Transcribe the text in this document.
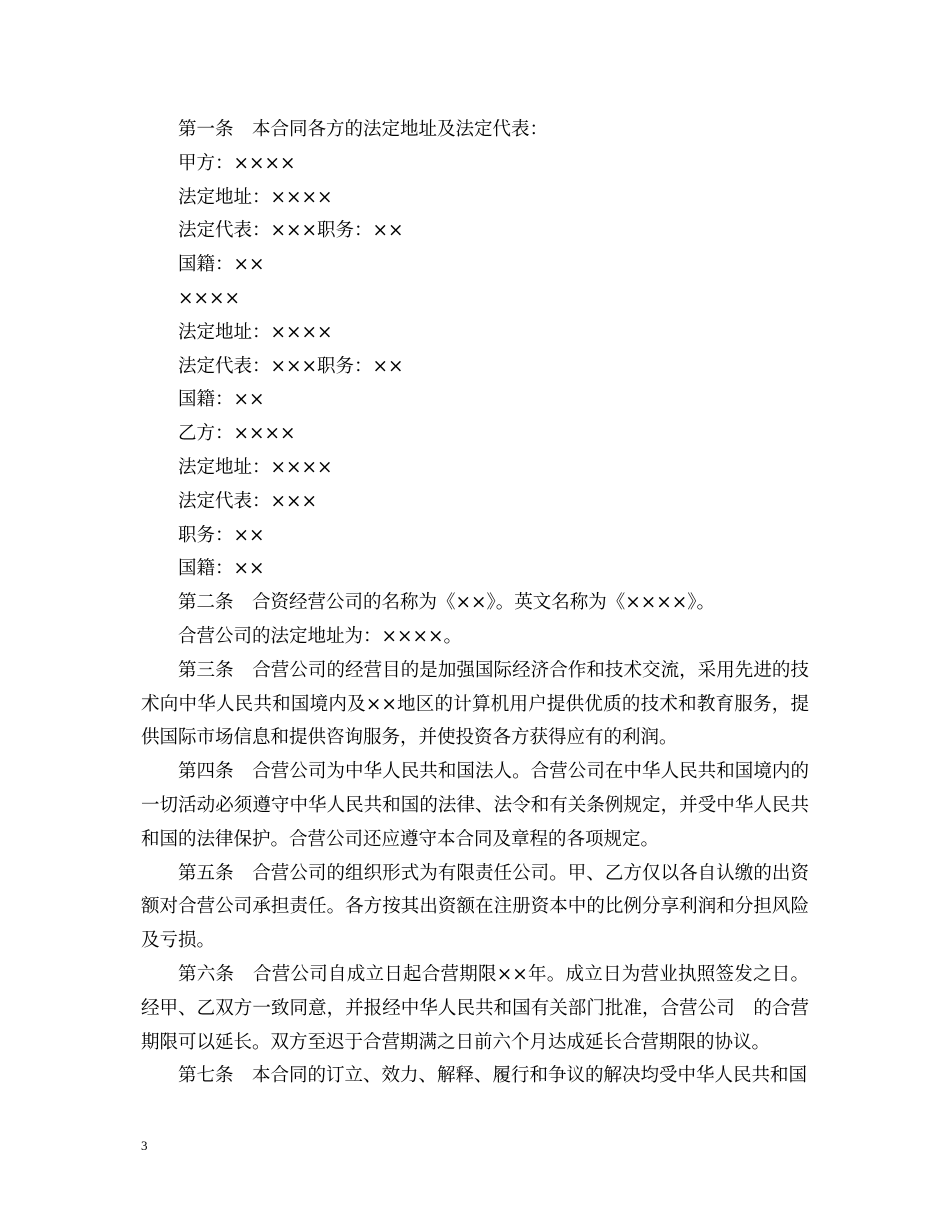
第一条　本合同各方的法定地址及法定代表：
甲方：××××
法定地址：××××
法定代表：×××职务：××
国籍：××
××××
法定地址：××××
法定代表：×××职务：××
国籍：××
乙方：××××
法定地址：××××
法定代表：×××
职务：××
国籍：××
第二条　合资经营公司的名称为《××》。英文名称为《××××》。
合营公司的法定地址为：××××。
第三条　合营公司的经营目的是加强国际经济合作和技术交流，采用先进的技术向中华人民共和国境内及××地区的计算机用户提供优质的技术和教育服务，提供国际市场信息和提供咨询服务，并使投资各方获得应有的利润。
第四条　合营公司为中华人民共和国法人。合营公司在中华人民共和国境内的一切活动必须遵守中华人民共和国的法律、法令和有关条例规定，并受中华人民共和国的法律保护。合营公司还应遵守本合同及章程的各项规定。
第五条　合营公司的组织形式为有限责任公司。甲、乙方仅以各自认缴的出资额对合营公司承担责任。各方按其出资额在注册资本中的比例分享利润和分担风险及亏损。
第六条　合营公司自成立日起合营期限××年。成立日为营业执照签发之日。经甲、乙双方一致同意，并报经中华人民共和国有关部门批准，合营公司　的合营期限可以延长。双方至迟于合营期满之日前六个月达成延长合营期限的协议。
第七条　本合同的订立、效力、解释、履行和争议的解决均受中华人民共和国
3
